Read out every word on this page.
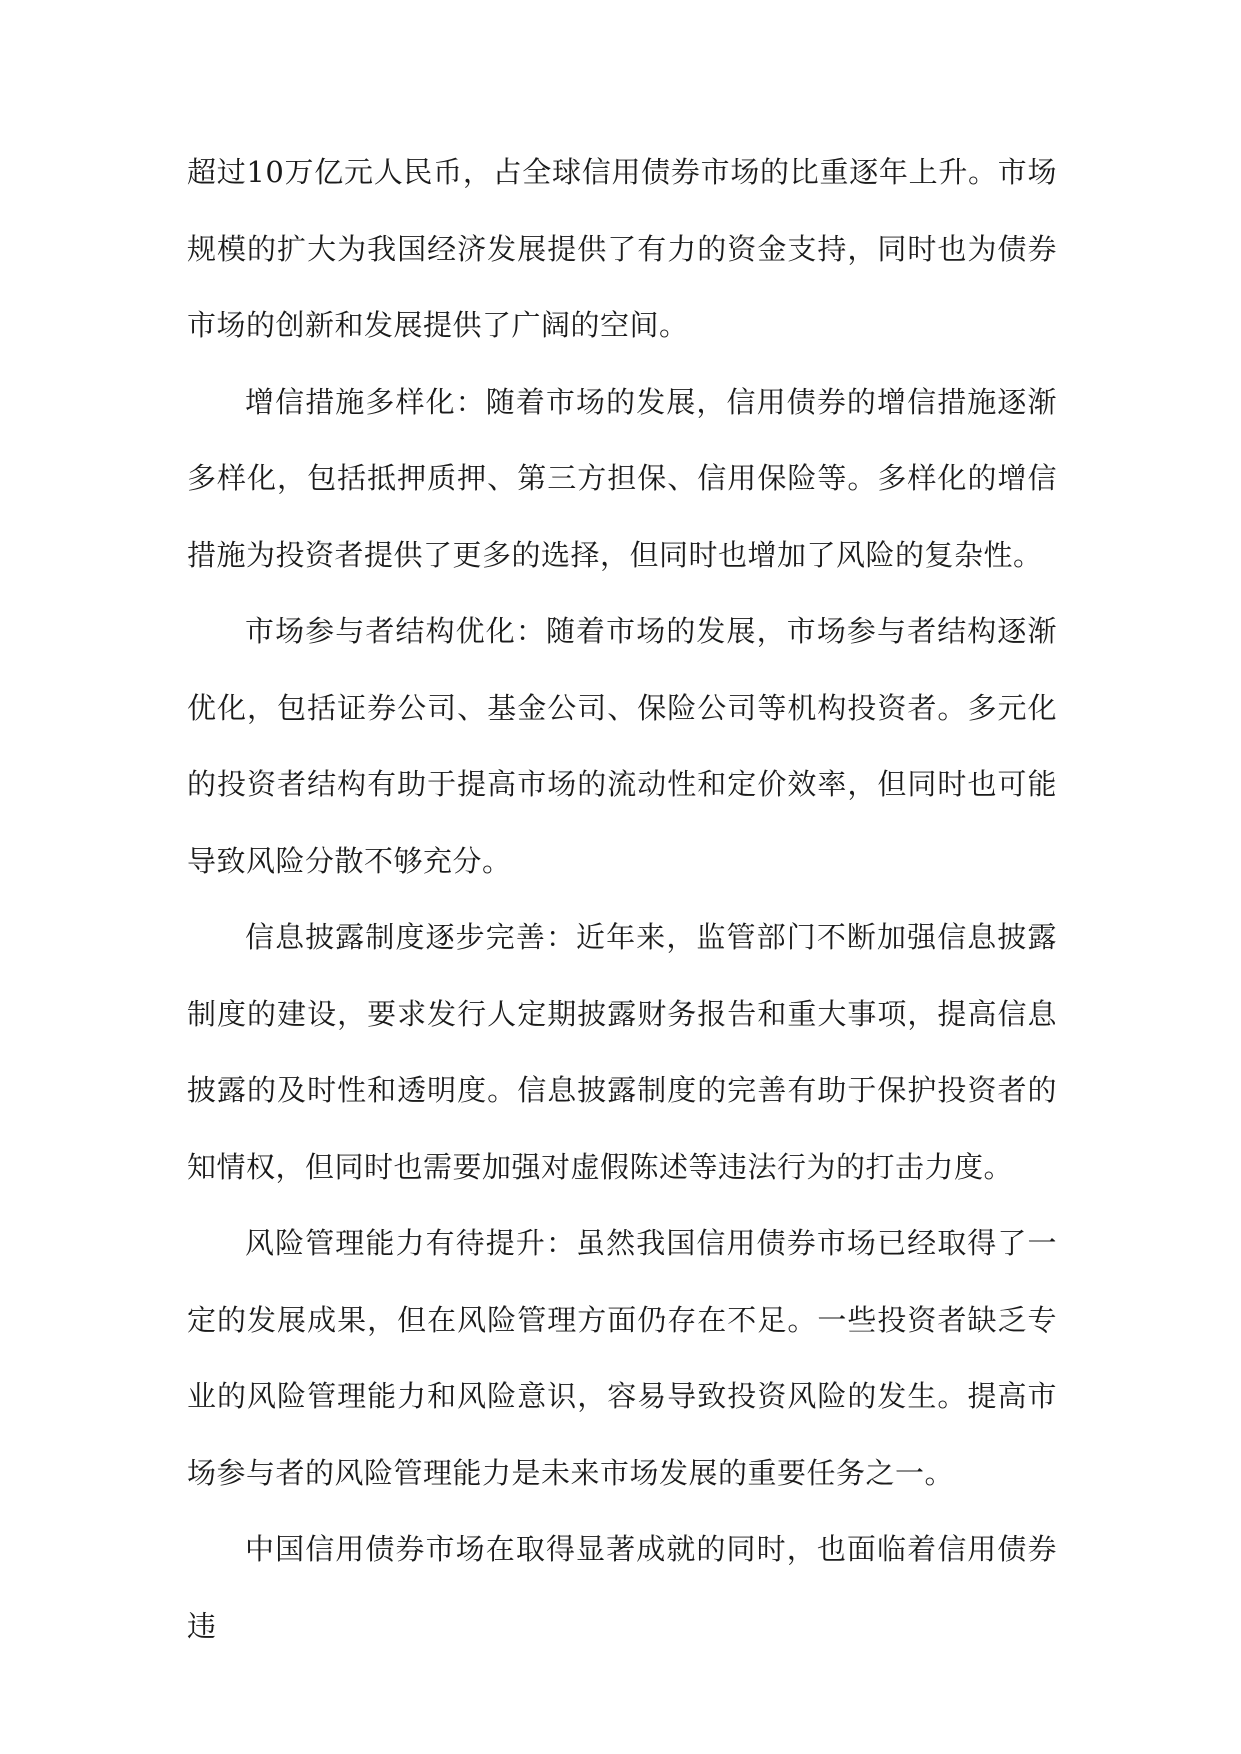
超过10万亿元人民币，占全球信用债券市场的比重逐年上升。市场规模的扩大为我国经济发展提供了有力的资金支持，同时也为债券市场的创新和发展提供了广阔的空间。

增信措施多样化：随着市场的发展，信用债券的增信措施逐渐多样化，包括抵押质押、第三方担保、信用保险等。多样化的增信措施为投资者提供了更多的选择，但同时也增加了风险的复杂性。

市场参与者结构优化：随着市场的发展，市场参与者结构逐渐优化，包括证券公司、基金公司、保险公司等机构投资者。多元化的投资者结构有助于提高市场的流动性和定价效率，但同时也可能导致风险分散不够充分。

信息披露制度逐步完善：近年来，监管部门不断加强信息披露制度的建设，要求发行人定期披露财务报告和重大事项，提高信息披露的及时性和透明度。信息披露制度的完善有助于保护投资者的知情权，但同时也需要加强对虚假陈述等违法行为的打击力度。

风险管理能力有待提升：虽然我国信用债券市场已经取得了一定的发展成果，但在风险管理方面仍存在不足。一些投资者缺乏专业的风险管理能力和风险意识，容易导致投资风险的发生。提高市场参与者的风险管理能力是未来市场发展的重要任务之一。

中国信用债券市场在取得显著成就的同时，也面临着信用债券违
